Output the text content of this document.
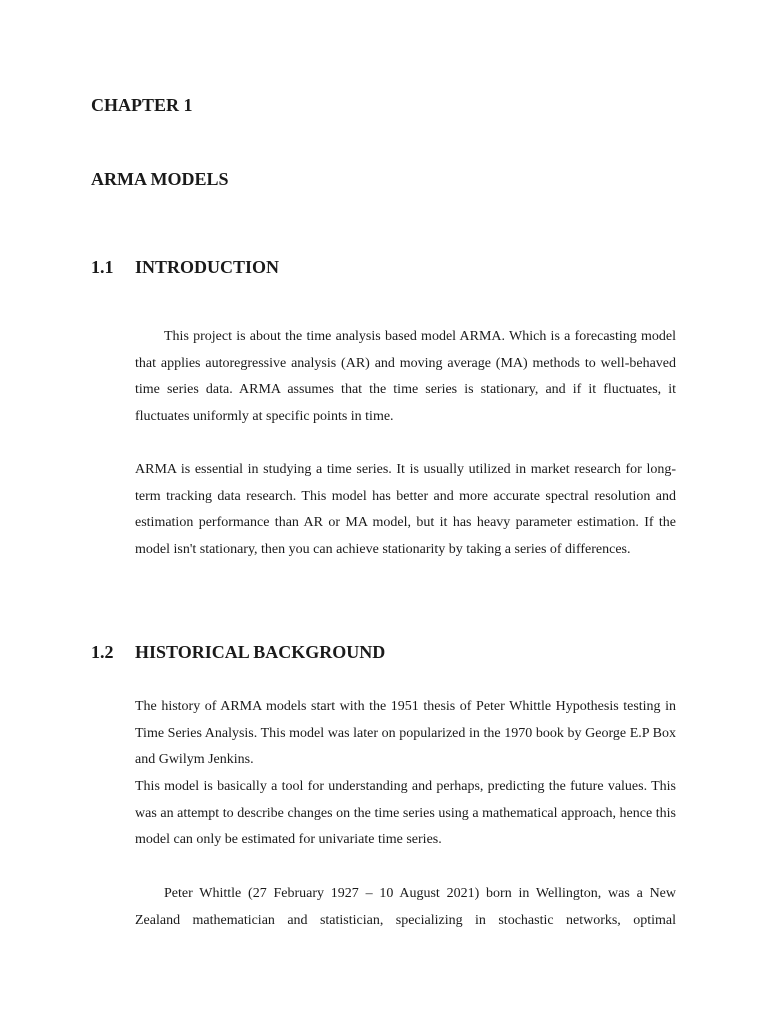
CHAPTER 1
ARMA MODELS
1.1 INTRODUCTION

This project is about the time analysis based model ARMA. Which is a forecasting model that applies autoregressive analysis (AR) and moving average (MA) methods to well-behaved time series data. ARMA assumes that the time series is stationary, and if it fluctuates, it fluctuates uniformly at specific points in time.

ARMA is essential in studying a time series. It is usually utilized in market research for long-term tracking data research. This model has better and more accurate spectral resolution and estimation performance than AR or MA model, but it has heavy parameter estimation. If the model isn't stationary, then you can achieve stationarity by taking a series of differences.

1.2 HISTORICAL BACKGROUND

The history of ARMA models start with the 1951 thesis of Peter Whittle Hypothesis testing in Time Series Analysis. This model was later on popularized in the 1970 book by George E.P Box and Gwilym Jenkins.

This model is basically a tool for understanding and perhaps, predicting the future values. This was an attempt to describe changes on the time series using a mathematical approach, hence this model can only be estimated for univariate time series.

Peter Whittle (27 February 1927 – 10 August 2021) born in Wellington, was a New Zealand mathematician and statistician, specializing in stochastic networks, optimal
